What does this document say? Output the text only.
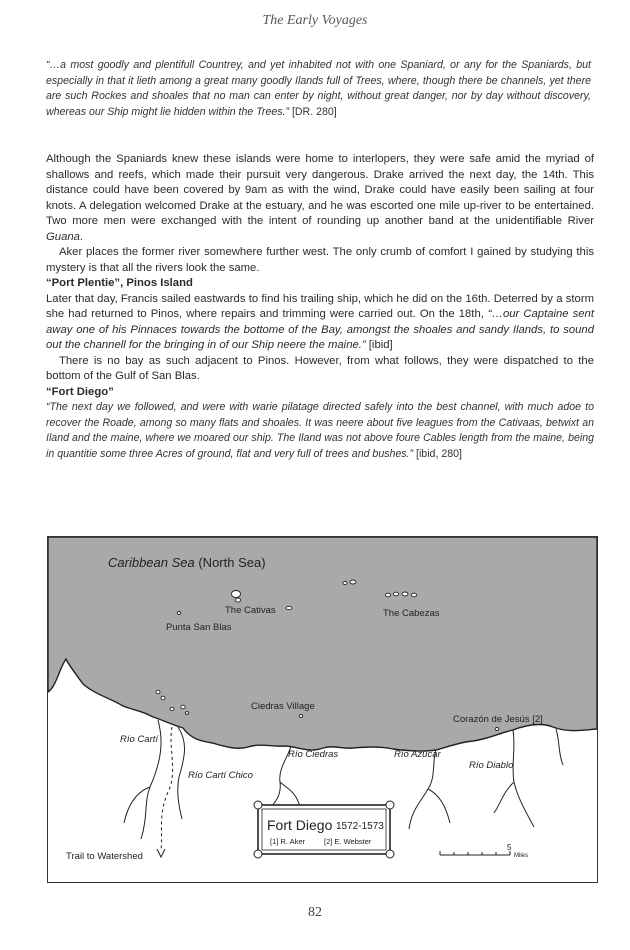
The Early Voyages
“…a most goodly and plentifull Countrey, and yet inhabited not with one Spaniard, or any for the Spaniards, but especially in that it lieth among a great many goodly Ilands full of Trees, where, though there be channels, yet there are such Rockes and shoales that no man can enter by night, without great danger, nor by day without discovery, whereas our Ship might lie hidden within the Trees.” [DR. 280]

Although the Spaniards knew these islands were home to interlopers, they were safe amid the myriad of shallows and reefs, which made their pursuit very dangerous. Drake arrived the next day, the 14th. This distance could have been covered by 9am as with the wind, Drake could have easily been sailing at four knots. A delegation welcomed Drake at the estuary, and he was escorted one mile up-river to be entertained. Two more men were exchanged with the intent of rounding up another band at the unidentifiable River Guana.

Aker places the former river somewhere further west. The only crumb of comfort I gained by studying this mystery is that all the rivers look the same.

“Port Plentie”, Pinos Island

Later that day, Francis sailed eastwards to find his trailing ship, which he did on the 16th. Deterred by a storm she had returned to Pinos, where repairs and trimming were carried out. On the 18th, “…our Captaine sent away one of his Pinnaces towards the bottome of the Bay, amongst the shoales and sandy Ilands, to sound out the channell for the bringing in of our Ship neere the maine.” [ibid]

There is no bay as such adjacent to Pinos. However, from what follows, they were dispatched to the bottom of the Gulf of San Blas.

“Fort Diego”

“The next day we followed, and were with warie pilatage directed safely into the best channel, with much adoe to recover the Roade, among so many flats and shoales. It was neere about five leagues from the Cativaas, betwixt an Iland and the maine, where we moared our ship. The Iland was not above foure Cables length from the maine, being in quantitie some three Acres of ground, flat and very full of trees and bushes.” [ibid, 280]

Caribbean Sea (North Sea)
The Cativas	The Cabezas
Punta San Blas
Ciedras Village
Corazón de Jesús [2]
Río Cartí
Río Cartí Chico
Río Ciedras	Río Azucar
Río Diablo
Trail to Watershed
Fort Diego 1572-1573
[1] R. Aker	[2] E. Webster
5
Miles
82
